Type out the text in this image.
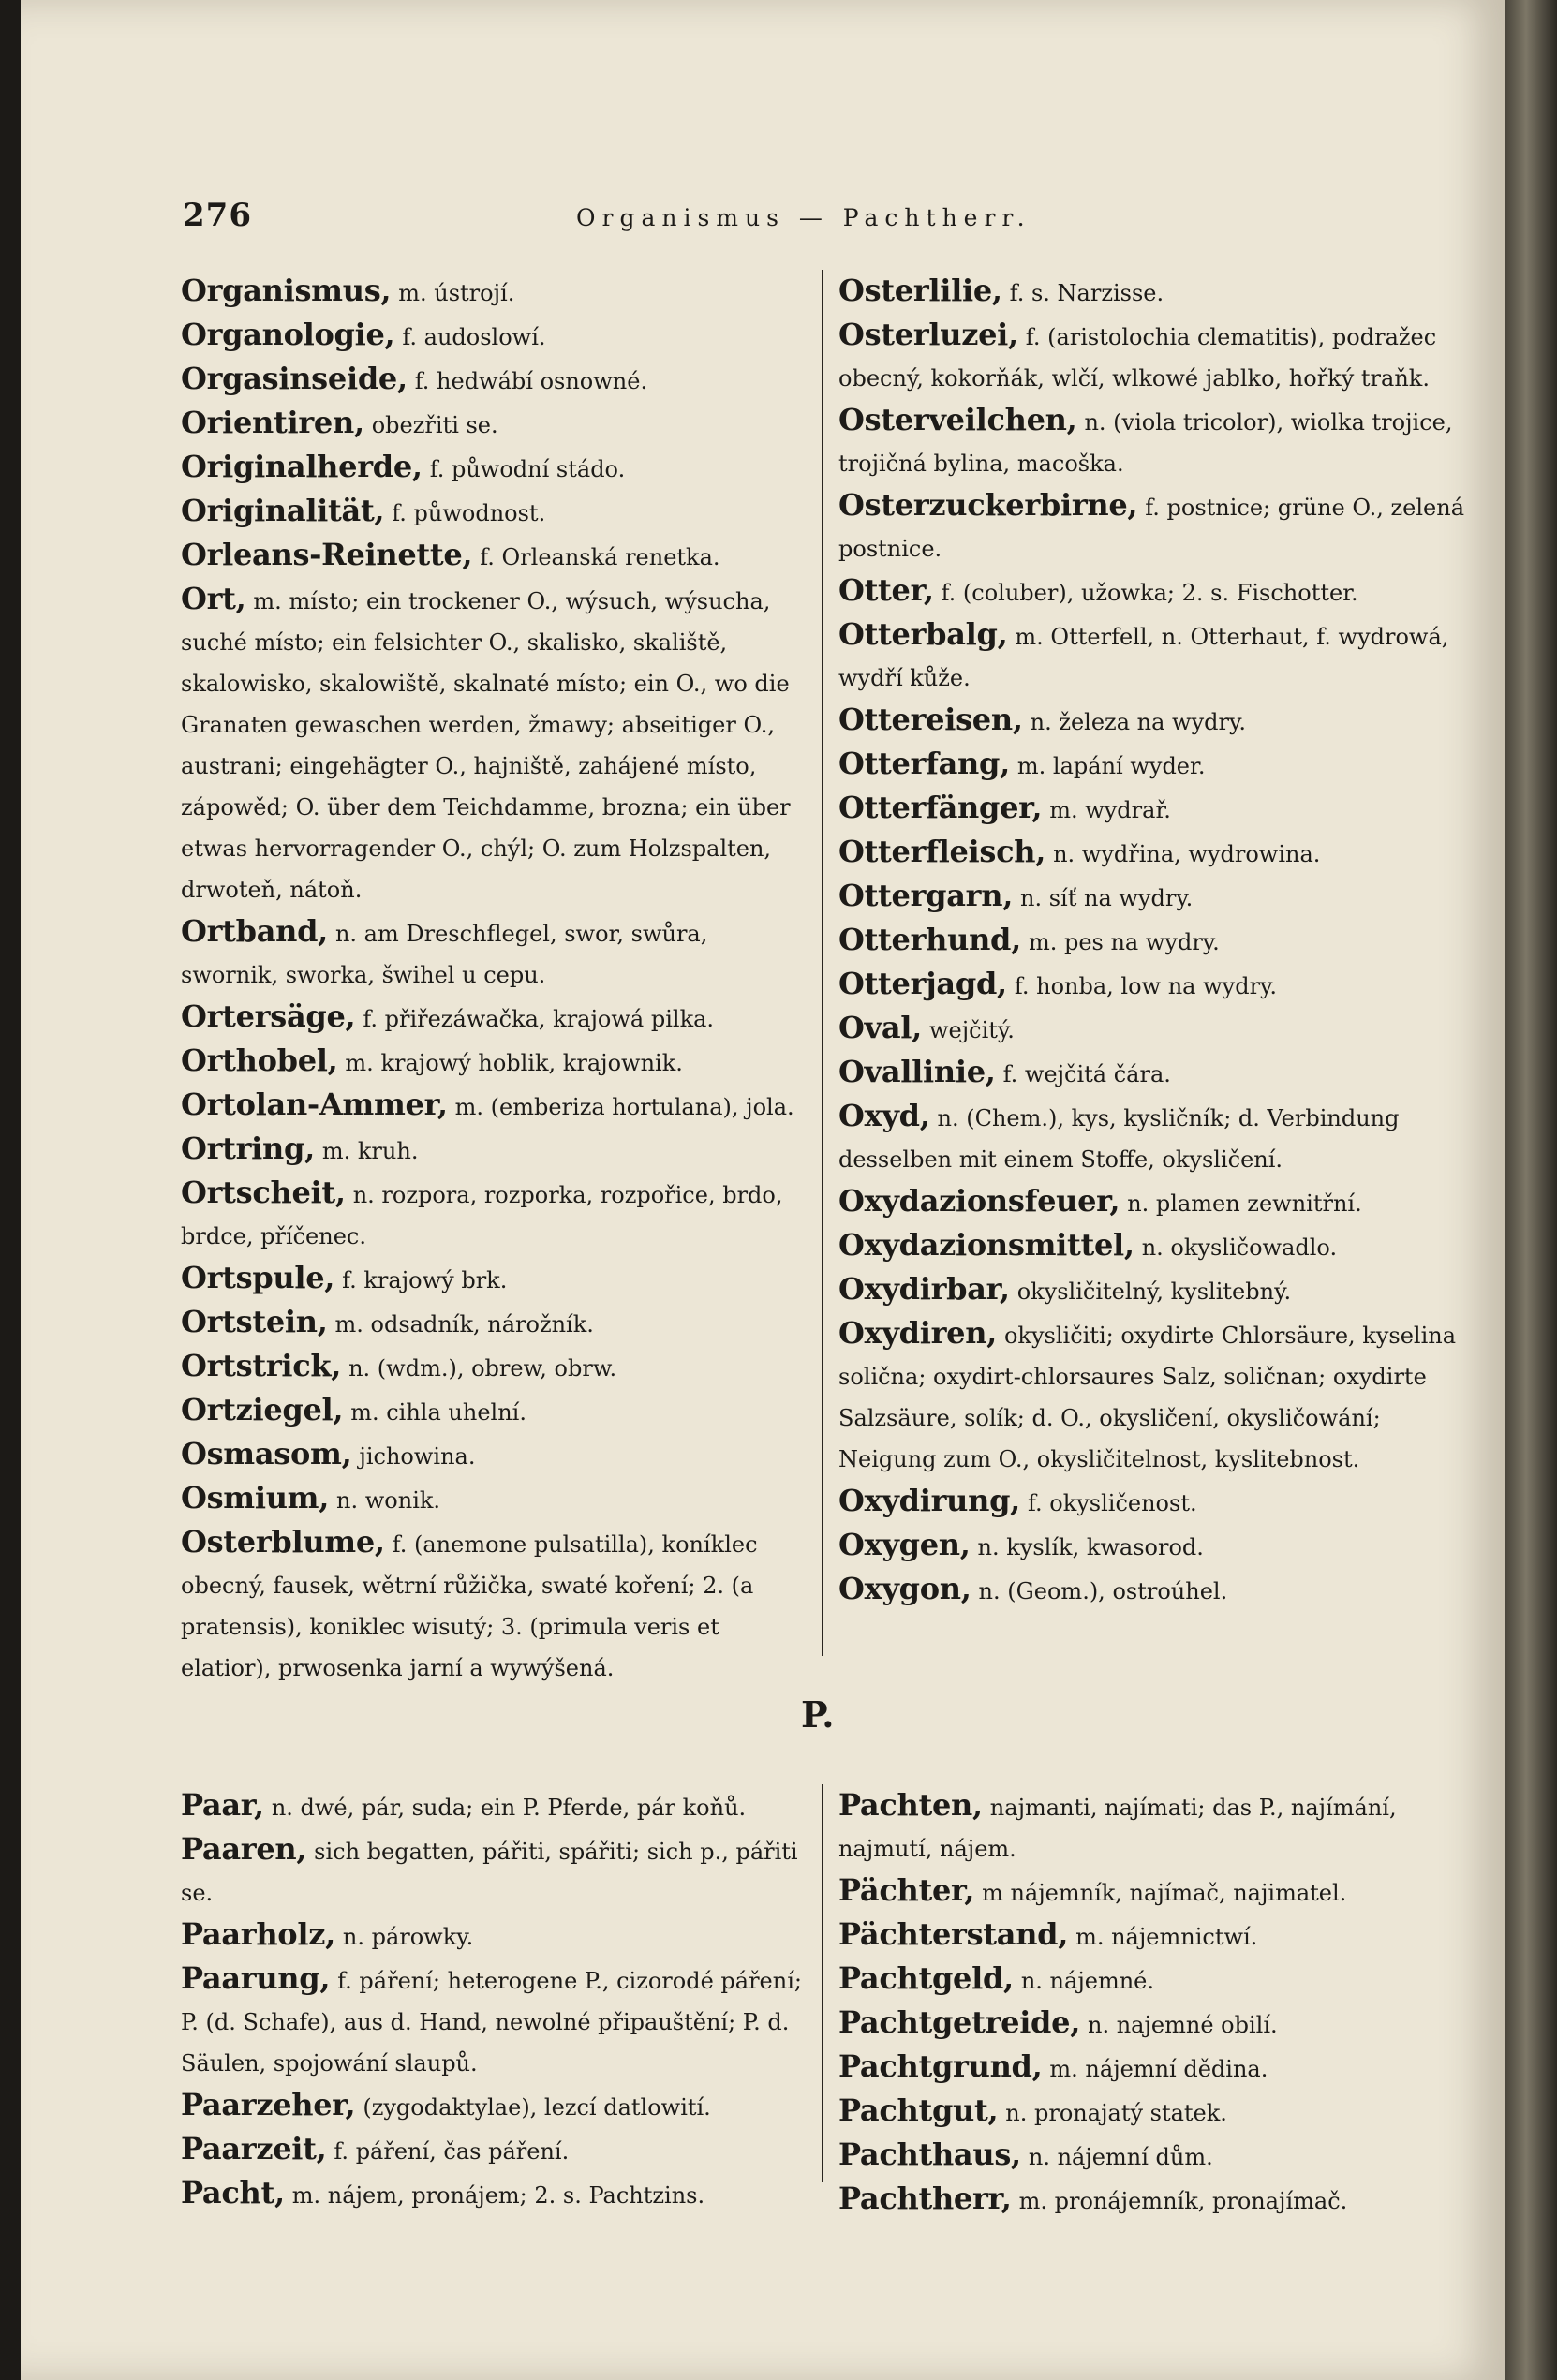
276	Organismus — Pachtherr.
Organismus, m. ústrojí.
Organologie, f. audoslowí.
Orgasinseide, f. hedwábí osnowné.
Orientiren, obezřiti se.
Originalherde, f. půwodní stádo.
Originalität, f. půwodnost.
Orleans-Reinette, f. Orleanská renetka.
Ort, m. místo; ein trockener O., wýsuch, wýsucha, suché místo; ein felsichter O., skalisko, skaliště, skalowisko, skalowiště, skalnaté místo; ein O., wo die Granaten gewaschen werden, žmawy; abseitiger O., austrani; eingehägter O., hajniště, zahájené místo, zápowěd; O. über dem Teichdamme, brozna; ein über etwas hervorragender O., chýl; O. zum Holzspalten, drwoteň, nátoň.
Ortband, n. am Dreschflegel, swor, swůra, swornik, sworka, šwihel u cepu.
Ortersäge, f. přiřezáwačka, krajowá pilka.
Orthobel, m. krajowý hoblik, krajownik.
Ortolan-Ammer, m. (emberiza hortulana), jola.
Ortring, m. kruh.
Ortscheit, n. rozpora, rozporka, rozpořice, brdo, brdce, příčenec.
Ortspule, f. krajowý brk.
Ortstein, m. odsadník, nárožník.
Ortstrick, n. (wdm.), obrew, obrw.
Ortziegel, m. cihla uhelní.
Osmasom, jichowina.
Osmium, n. wonik.
Osterblume, f. (anemone pulsatilla), koníklec obecný, fausek, wětrní růžička, swaté koření; 2. (a pratensis), koniklec wisutý; 3. (primula veris et elatior), prwosenka jarní a wywýšená.
Osterlilie, f. s. Narzisse.
Osterluzei, f. (aristolochia clematitis), podražec obecný, kokorňák, wlčí, wlkowé jablko, hořký traňk.
Osterveilchen, n. (viola tricolor), wiolka trojice, trojičná bylina, macoška.
Osterzuckerbirne, f. postnice; grüne O., zelená postnice.
Otter, f. (coluber), užowka; 2. s. Fischotter.
Otterbalg, m. Otterfell, n. Otterhaut, f. wydrowá, wydří kůže.
Ottereisen, n. železa na wydry.
Otterfang, m. lapání wyder.
Otterfänger, m. wydrař.
Otterfleisch, n. wydřina, wydrowina.
Ottergarn, n. síť na wydry.
Otterhund, m. pes na wydry.
Otterjagd, f. honba, low na wydry.
Oval, wejčitý.
Ovallinie, f. wejčitá čára.
Oxyd, n. (Chem.), kys, kysličník; d. Verbindung desselben mit einem Stoffe, okysličení.
Oxydazionsfeuer, n. plamen zewnitřní.
Oxydazionsmittel, n. okysličowadlo.
Oxydirbar, okysličitelný, kyslitebný.
Oxydiren, okysličiti; oxydirte Chlorsäure, kyselina solična; oxydirt-chlorsaures Salz, soličnan; oxydirte Salzsäure, solík; d. O., okysličení, okysličowání; Neigung zum O., okysličitelnost, kyslitebnost.
Oxydirung, f. okysličenost.
Oxygen, n. kyslík, kwasorod.
Oxygon, n. (Geom.), ostroúhel.
P.
Paar, n. dwé, pár, suda; ein P. Pferde, pár koňů.
Paaren, sich begatten, pářiti, spářiti; sich p., pářiti se.
Paarholz, n. párowky.
Paarung, f. páření; heterogene P., cizorodé páření; P. (d. Schafe), aus d. Hand, newolné připauštění; P. d. Säulen, spojowání slaupů.
Paarzeher, (zygodaktylae), lezcí datlowití.
Paarzeit, f. páření, čas páření.
Pacht, m. nájem, pronájem; 2. s. Pachtzins.
Pachten, najmanti, najímati; das P., najímání, najmutí, nájem.
Pächter, m nájemník, najímač, najimatel.
Pächterstand, m. nájemnictwí.
Pachtgeld, n. nájemné.
Pachtgetreide, n. najemné obilí.
Pachtgrund, m. nájemní dědina.
Pachtgut, n. pronajatý statek.
Pachthaus, n. nájemní dům.
Pachtherr, m. pronájemník, pronajímač.
